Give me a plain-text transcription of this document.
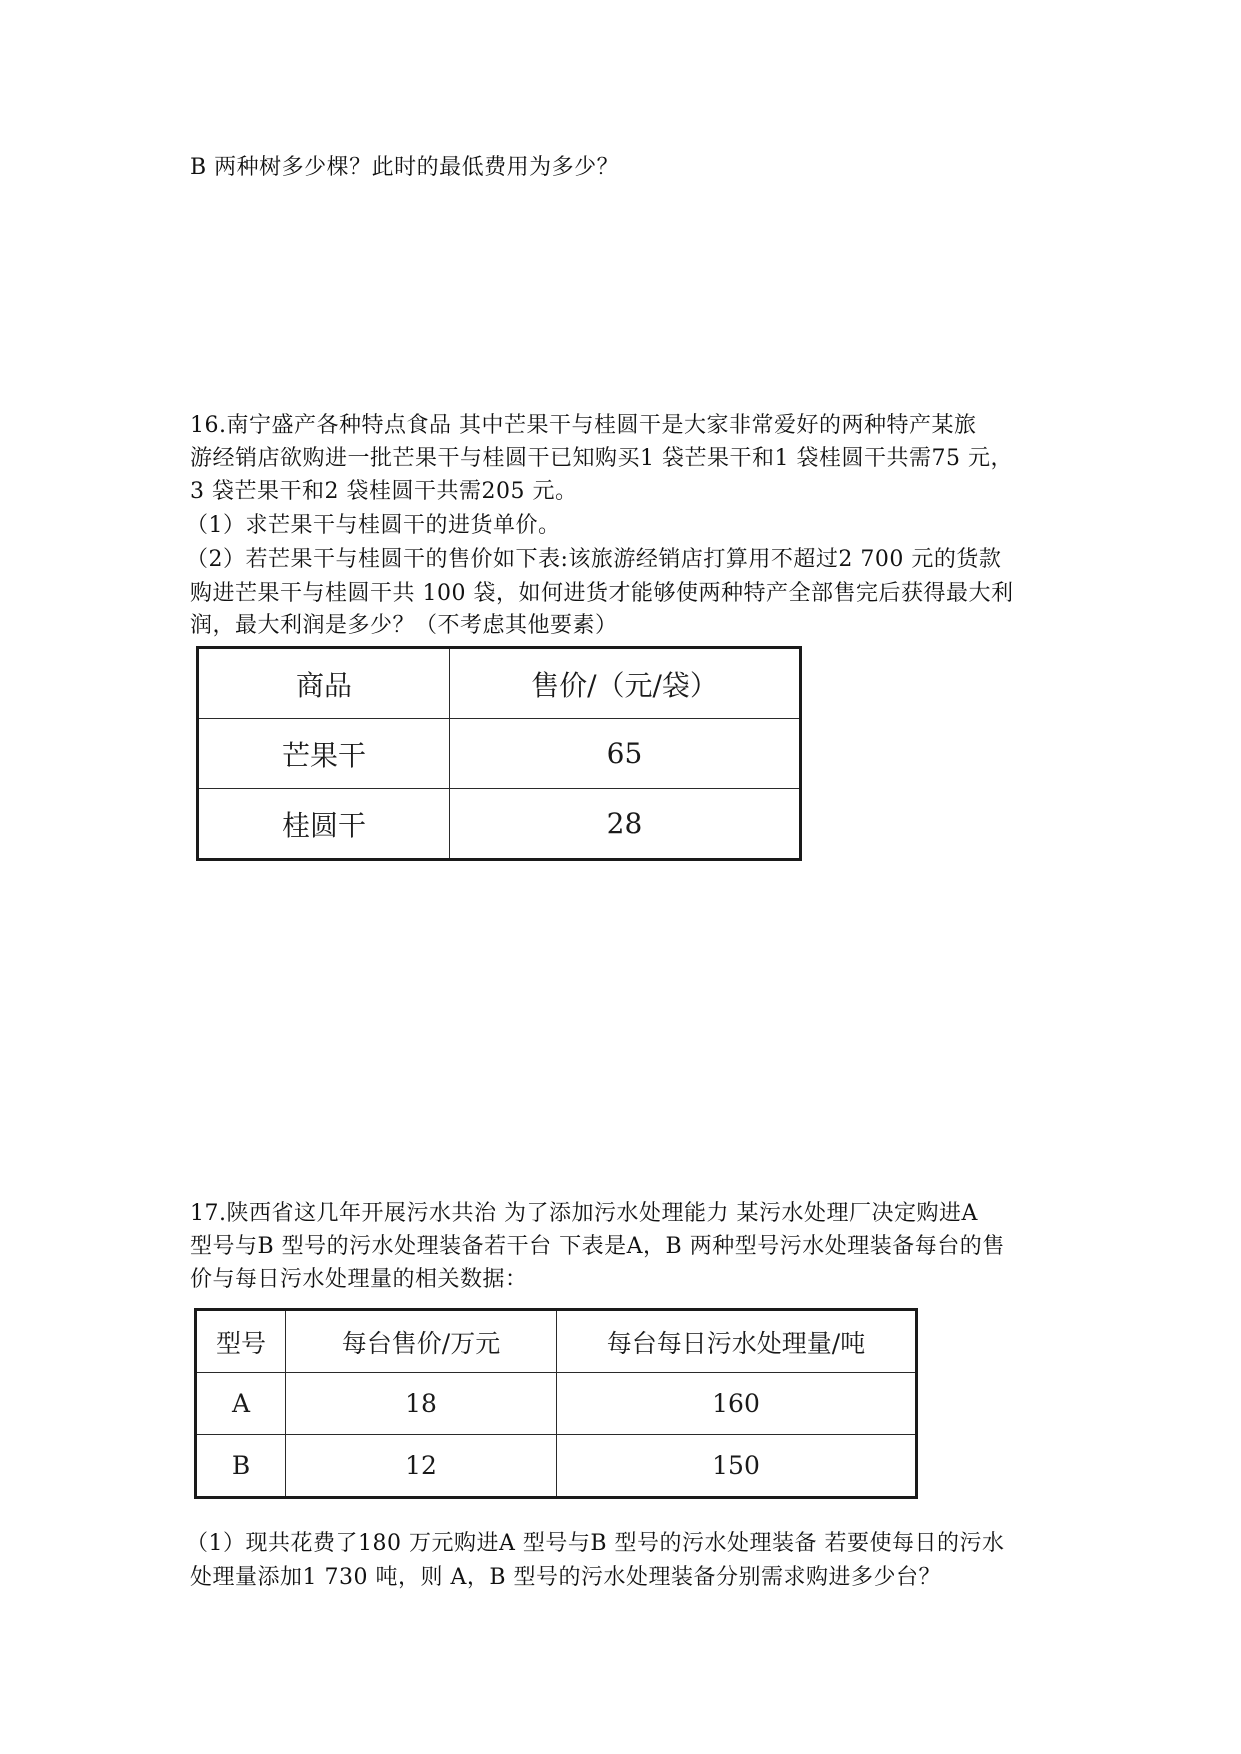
B 两种树多少棵？此时的最低费用为多少？
16.南宁盛产各种特点食品 其中芒果干与桂圆干是大家非常爱好的两种特产某旅
游经销店欲购进一批芒果干与桂圆干已知购买1 袋芒果干和1 袋桂圆干共需75 元，
3 袋芒果干和2 袋桂圆干共需205 元。
（1）求芒果干与桂圆干的进货单价。
（2）若芒果干与桂圆干的售价如下表:该旅游经销店打算用不超过2 700 元的货款
购进芒果干与桂圆干共 100 袋，如何进货才能够使两种特产全部售完后获得最大利
润，最大利润是多少？（不考虑其他要素）
商品	售价/（元/袋）
芒果干	65
桂圆干	28
17.陕西省这几年开展污水共治 为了添加污水处理能力 某污水处理厂决定购进A
型号与B 型号的污水处理装备若干台 下表是A，B 两种型号污水处理装备每台的售
价与每日污水处理量的相关数据：
型号	每台售价/万元	每台每日污水处理量/吨
A	18	160
B	12	150
（1）现共花费了180 万元购进A 型号与B 型号的污水处理装备 若要使每日的污水
处理量添加1 730 吨，则 A，B 型号的污水处理装备分别需求购进多少台？
